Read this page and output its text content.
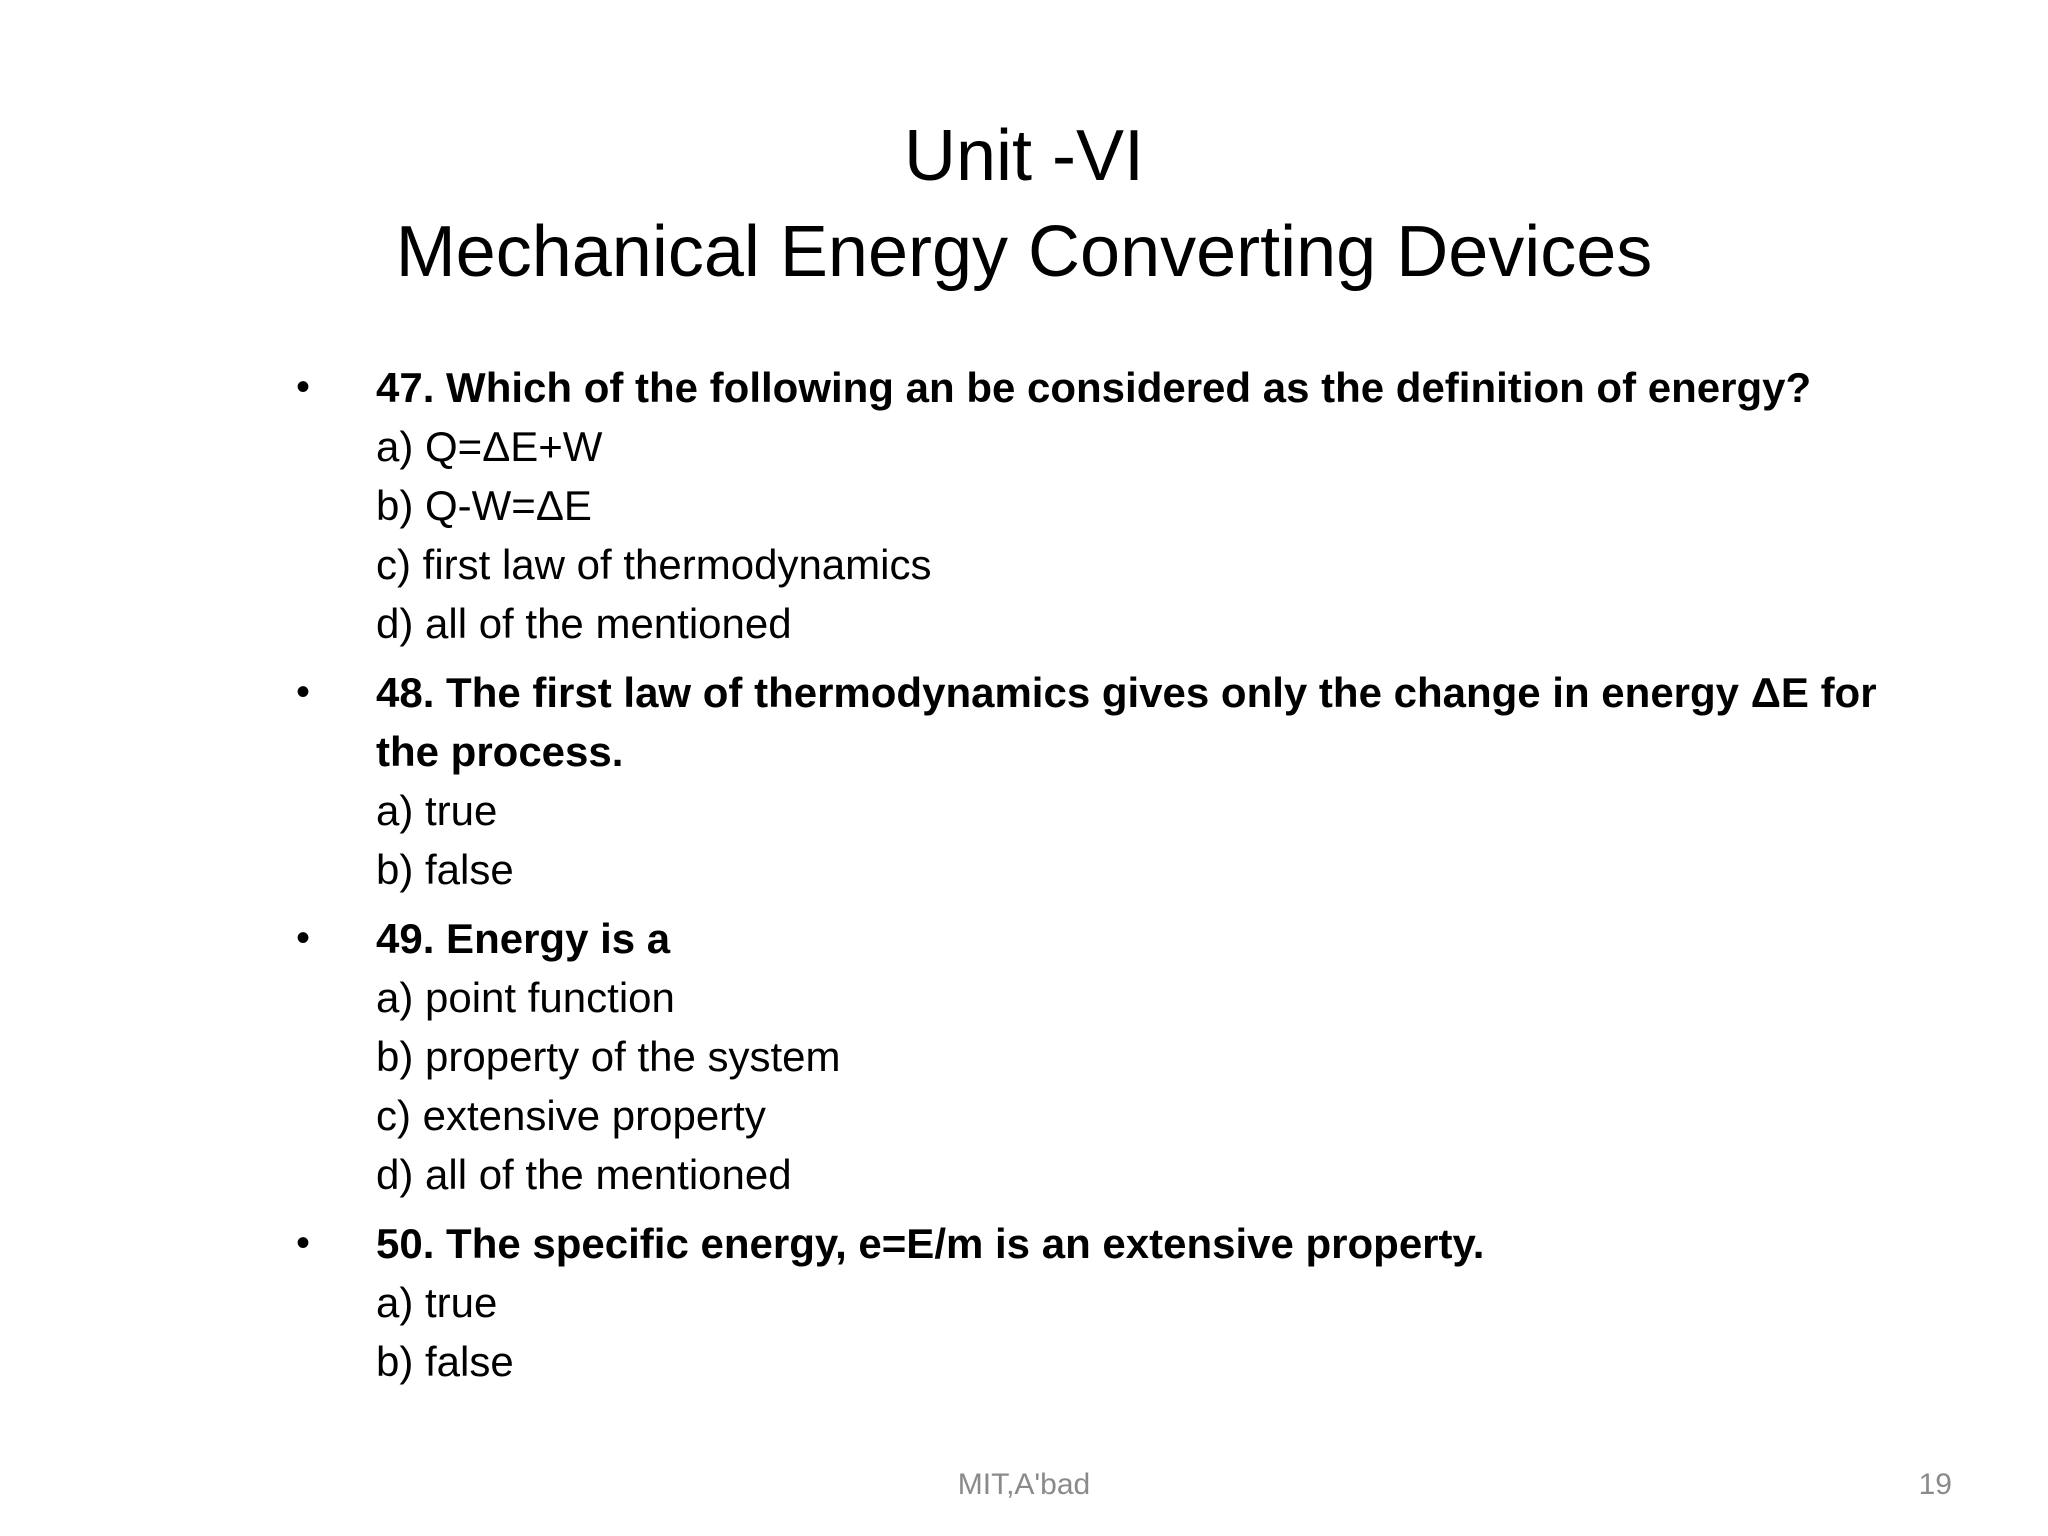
Unit -VI
Mechanical Energy Converting Devices
• 47. Which of the following an be considered as the definition of energy?
a) Q=ΔE+W
b) Q-W=ΔE
c) first law of thermodynamics
d) all of the mentioned
• 48. The first law of thermodynamics gives only the change in energy ΔE for the process.
a) true
b) false
• 49. Energy is a
a) point function
b) property of the system
c) extensive property
d) all of the mentioned
• 50. The specific energy, e=E/m is an extensive property.
a) true
b) false
MIT,A'bad	19
